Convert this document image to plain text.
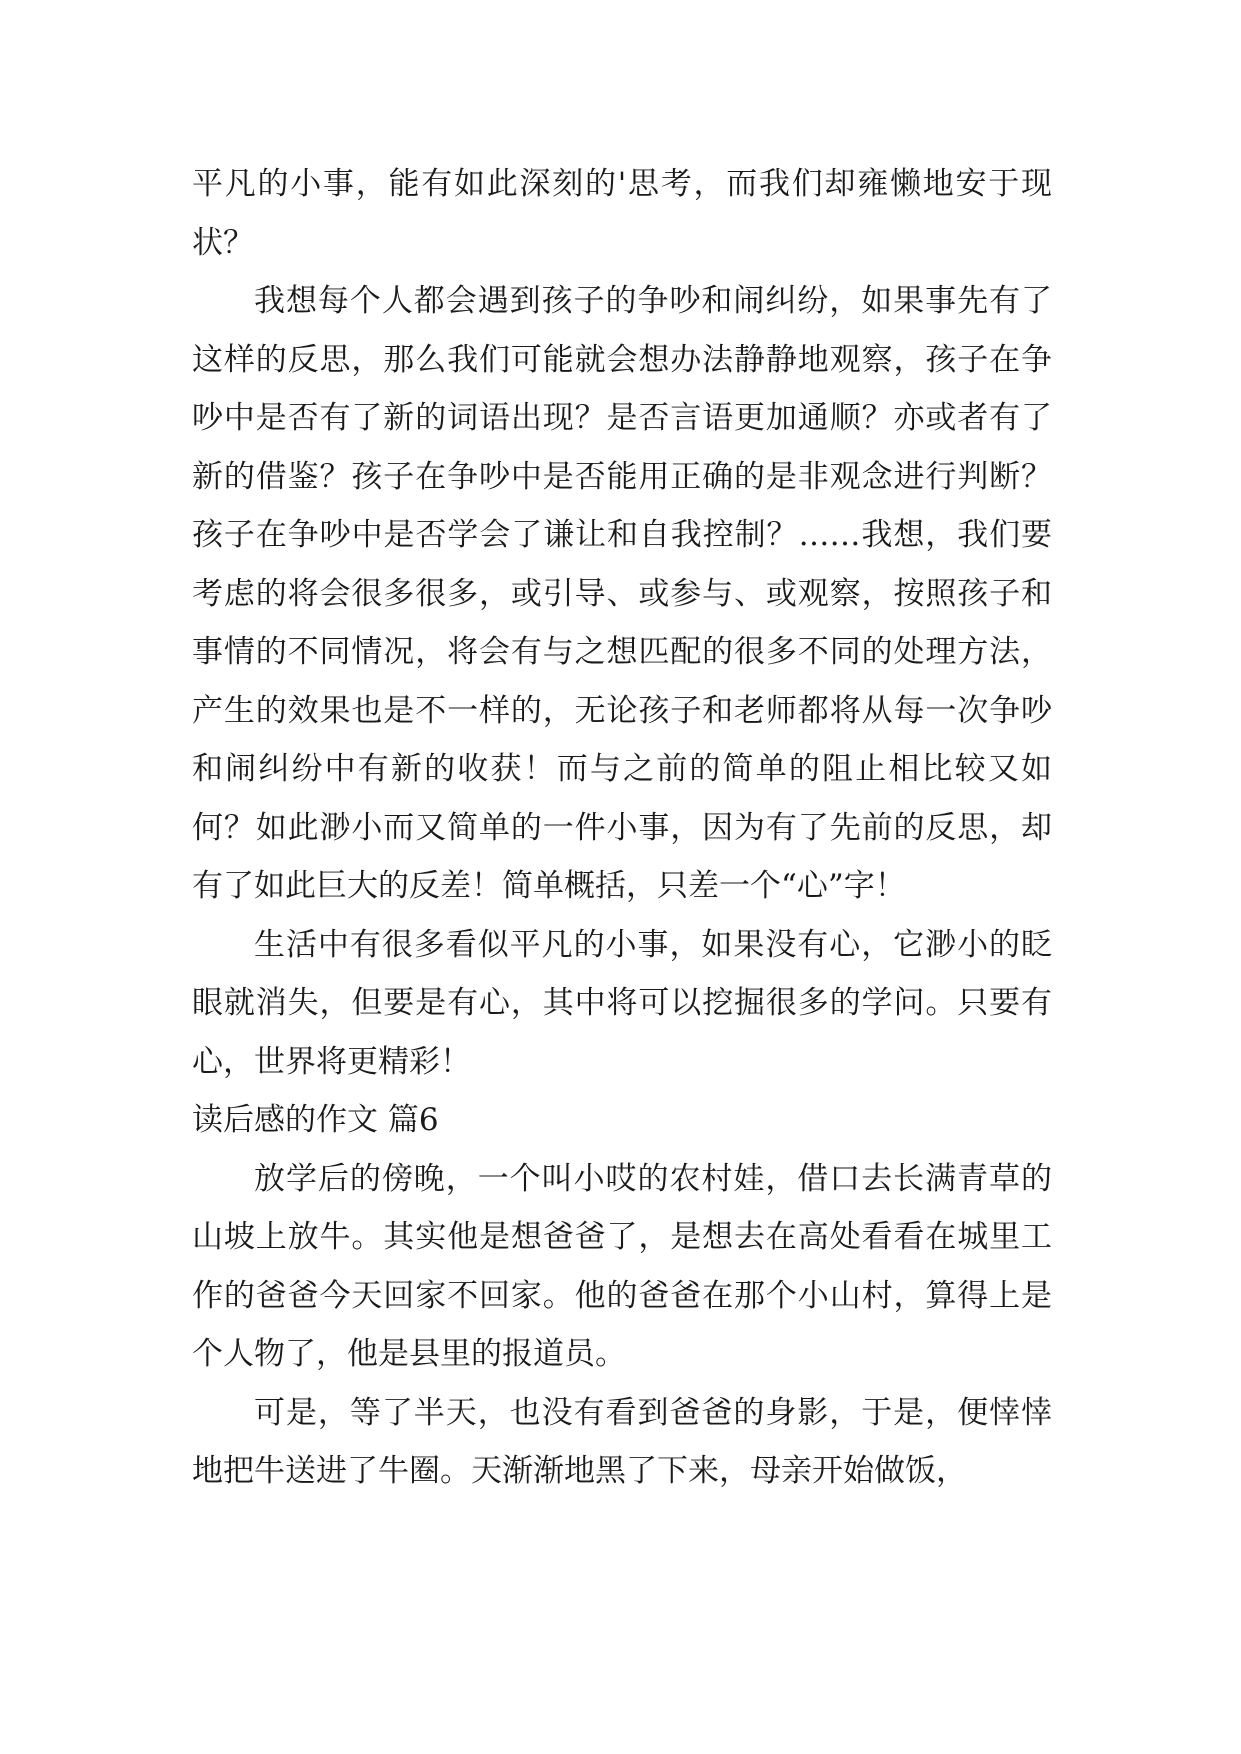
平凡的小事，能有如此深刻的'思考，而我们却雍懒地安于现状？

我想每个人都会遇到孩子的争吵和闹纠纷，如果事先有了这样的反思，那么我们可能就会想办法静静地观察，孩子在争吵中是否有了新的词语出现？是否言语更加通顺？亦或者有了新的借鉴？孩子在争吵中是否能用正确的是非观念进行判断？孩子在争吵中是否学会了谦让和自我控制？……我想，我们要考虑的将会很多很多，或引导、或参与、或观察，按照孩子和事情的不同情况，将会有与之想匹配的很多不同的处理方法，产生的效果也是不一样的，无论孩子和老师都将从每一次争吵和闹纠纷中有新的收获！而与之前的简单的阻止相比较又如何？如此渺小而又简单的一件小事，因为有了先前的反思，却有了如此巨大的反差！简单概括，只差一个“心”字！

生活中有很多看似平凡的小事，如果没有心，它渺小的眨眼就消失，但要是有心，其中将可以挖掘很多的学问。只要有心，世界将更精彩！

读后感的作文 篇6

放学后的傍晚，一个叫小哎的农村娃，借口去长满青草的山坡上放牛。其实他是想爸爸了，是想去在高处看看在城里工作的爸爸今天回家不回家。他的爸爸在那个小山村，算得上是个人物了，他是县里的报道员。

可是，等了半天，也没有看到爸爸的身影，于是，便悻悻地把牛送进了牛圈。天渐渐地黑了下来，母亲开始做饭，
